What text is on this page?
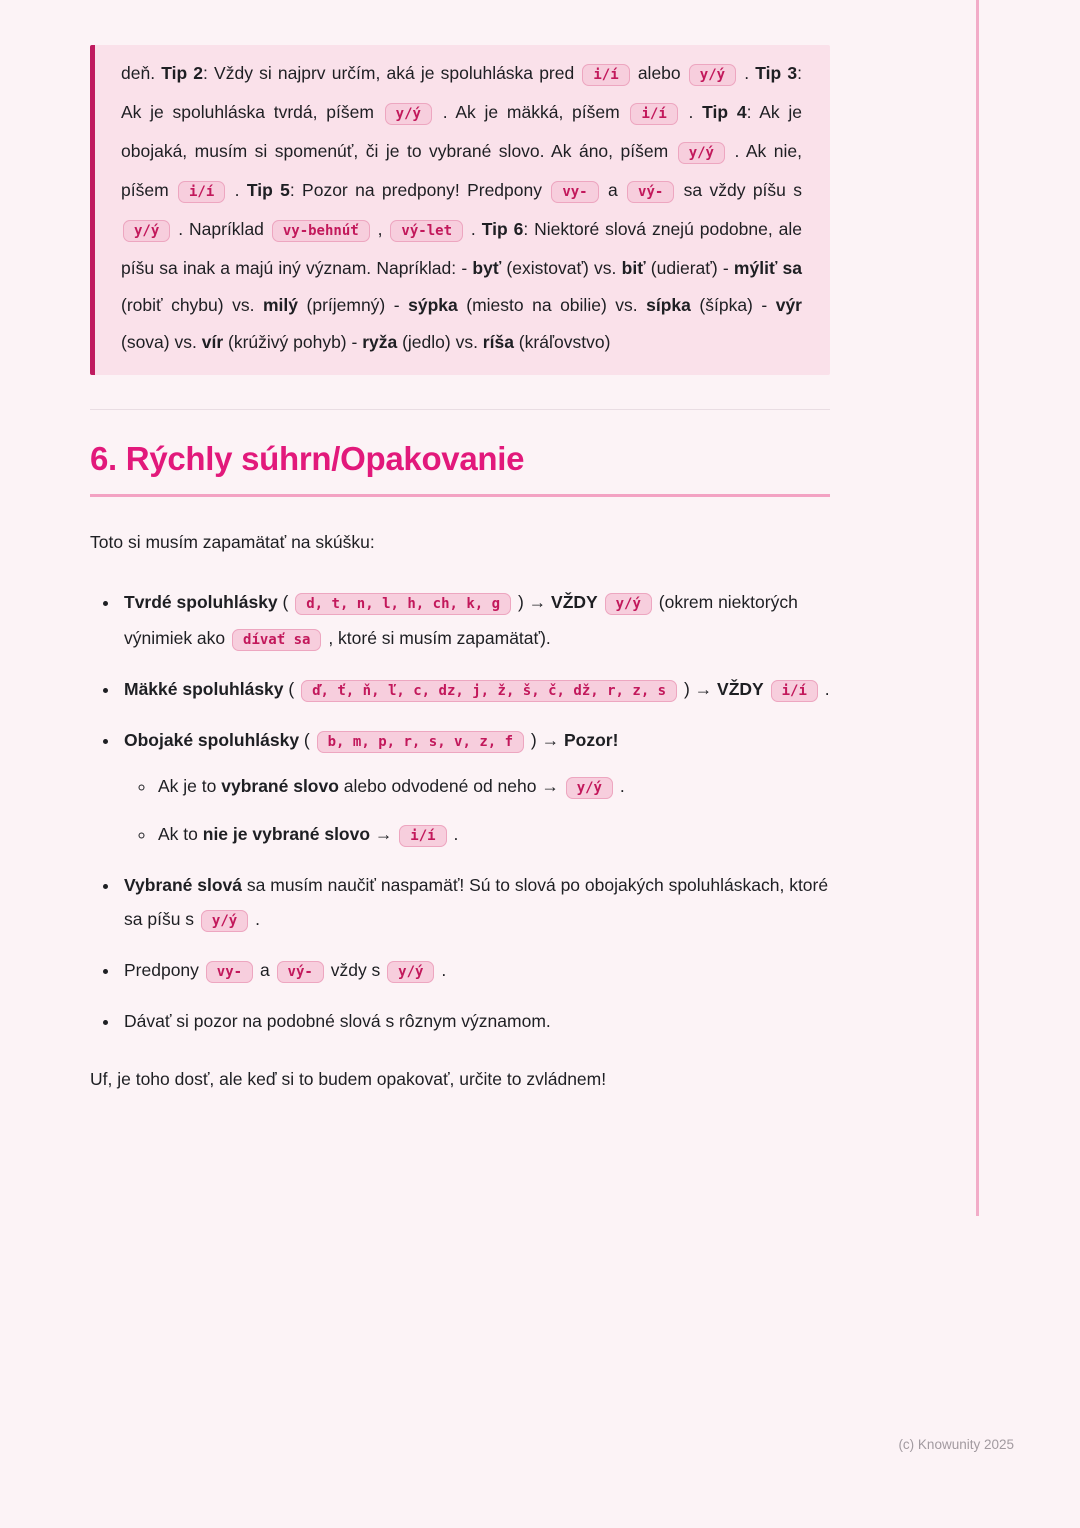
deň. Tip 2: Vždy si najprv určím, aká je spoluhláska pred i/í alebo y/ý . Tip 3: Ak je spoluhláska tvrdá, píšem y/ý . Ak je mäkká, píšem i/í . Tip 4: Ak je obojaká, musím si spomenúť, či je to vybrané slovo. Ak áno, píšem y/ý . Ak nie, píšem i/í . Tip 5: Pozor na predpony! Predpony vy- a vý- sa vždy píšu s y/ý . Napríklad vy-behnúť , vý-let . Tip 6: Niektoré slová znejú podobne, ale píšu sa inak a majú iný význam. Napríklad: - byť (existovať) vs. biť (udierať) - mýliť sa (robiť chybu) vs. milý (príjemný) - sýpka (miesto na obilie) vs. sípka (šípka) - výr (sova) vs. vír (krúživý pohyb) - ryža (jedlo) vs. ríša (kráľovstvo)

6. Rýchly súhrn/Opakovanie

Toto si musím zapamätať na skúšku:

• Tvrdé spoluhlásky ( d, t, n, l, h, ch, k, g ) → VŽDY y/ý (okrem niektorých výnimiek ako dívať sa , ktoré si musím zapamätať).
• Mäkké spoluhlásky ( ď, ť, ň, ľ, c, dz, j, ž, š, č, dž, r, z, s ) → VŽDY i/í .
• Obojaké spoluhlásky ( b, m, p, r, s, v, z, f ) → Pozor!
◦ Ak je to vybrané slovo alebo odvodené od neho → y/ý .
◦ Ak to nie je vybrané slovo → i/í .
• Vybrané slová sa musím naučiť naspamäť! Sú to slová po obojakých spoluhláskach, ktoré sa píšu s y/ý .
• Predpony vy- a vý- vždy s y/ý .
• Dávať si pozor na podobné slová s rôznym významom.

Uf, je toho dosť, ale keď si to budem opakovať, určite to zvládnem!

(c) Knowunity 2025
